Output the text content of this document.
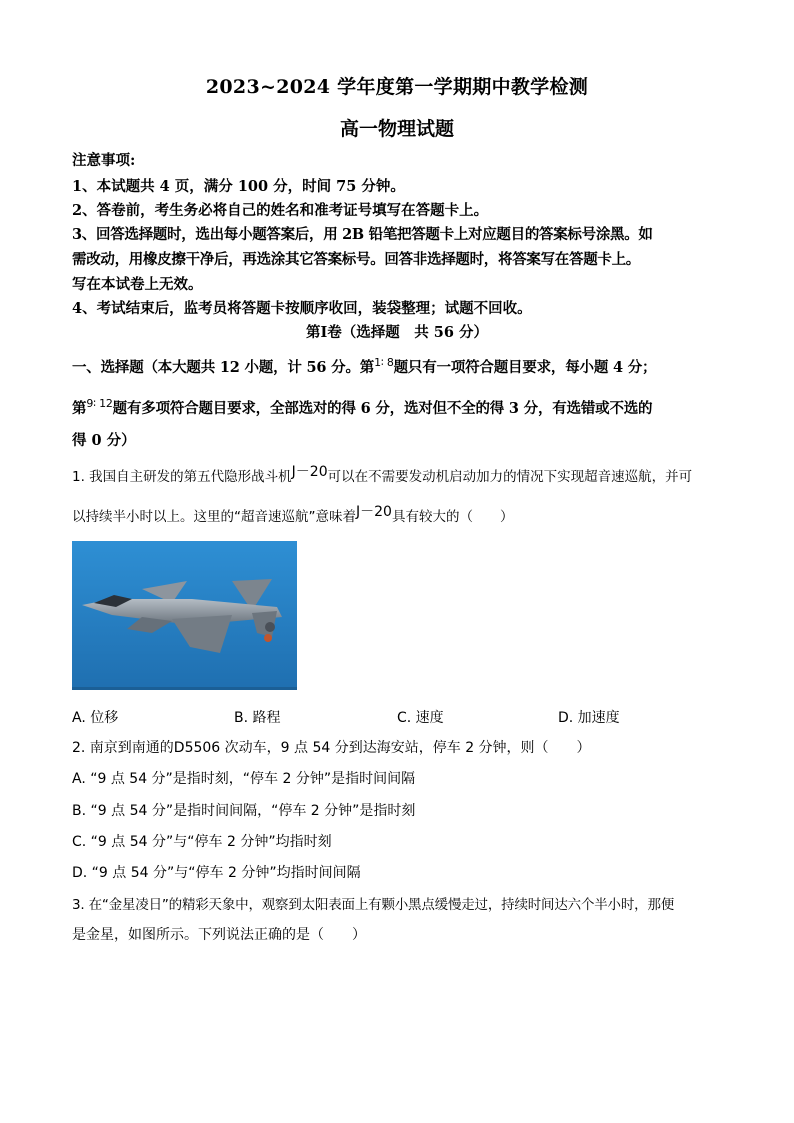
2023~2024 学年度第一学期期中教学检测
高一物理试题
注意事项:
1、本试题共 4 页，满分 100 分，时间 75 分钟。
2、答卷前，考生务必将自己的姓名和准考证号填写在答题卡上。
3、回答选择题时，选出每小题答案后，用 2B 铅笔把答题卡上对应题目的答案标号涂黑。如
需改动，用橡皮擦干净后，再选涂其它答案标号。回答非选择题时，将答案写在答题卡上。
写在本试卷上无效。
4、考试结束后，监考员将答题卡按顺序收回，装袋整理；试题不回收。
第Ⅰ卷（选择题　共 56 分）
一、选择题（本大题共 12 小题，计 56 分。第$^{1∶ 8}$题只有一项符合题目要求，每小题 4 分；
第$^{9∶ 12}$题有多项符合题目要求，全部选对的得 6 分，选对但不全的得 3 分，有选错或不选的
得 0 分）
1. 我国自主研发的第五代隐形战斗机J－20可以在不需要发动机启动加力的情况下实现超音速巡航，并可
以持续半小时以上。这里的“超音速巡航”意味着J－20具有较大的（　　）
A. 位移	B. 路程	C. 速度	D. 加速度
2. 南京到南通的D5506 次动车，9 点 54 分到达海安站，停车 2 分钟，则（　　）
A. “9 点 54 分”是指时刻，“停车 2 分钟”是指时间间隔
B. “9 点 54 分”是指时间间隔，“停车 2 分钟”是指时刻
C. “9 点 54 分”与“停车 2 分钟”均指时刻
D. “9 点 54 分”与“停车 2 分钟”均指时间间隔
3. 在“金星凌日”的精彩天象中，观察到太阳表面上有颗小黑点缓慢走过，持续时间达六个半小时，那便
是金星，如图所示。下列说法正确的是（　　）
